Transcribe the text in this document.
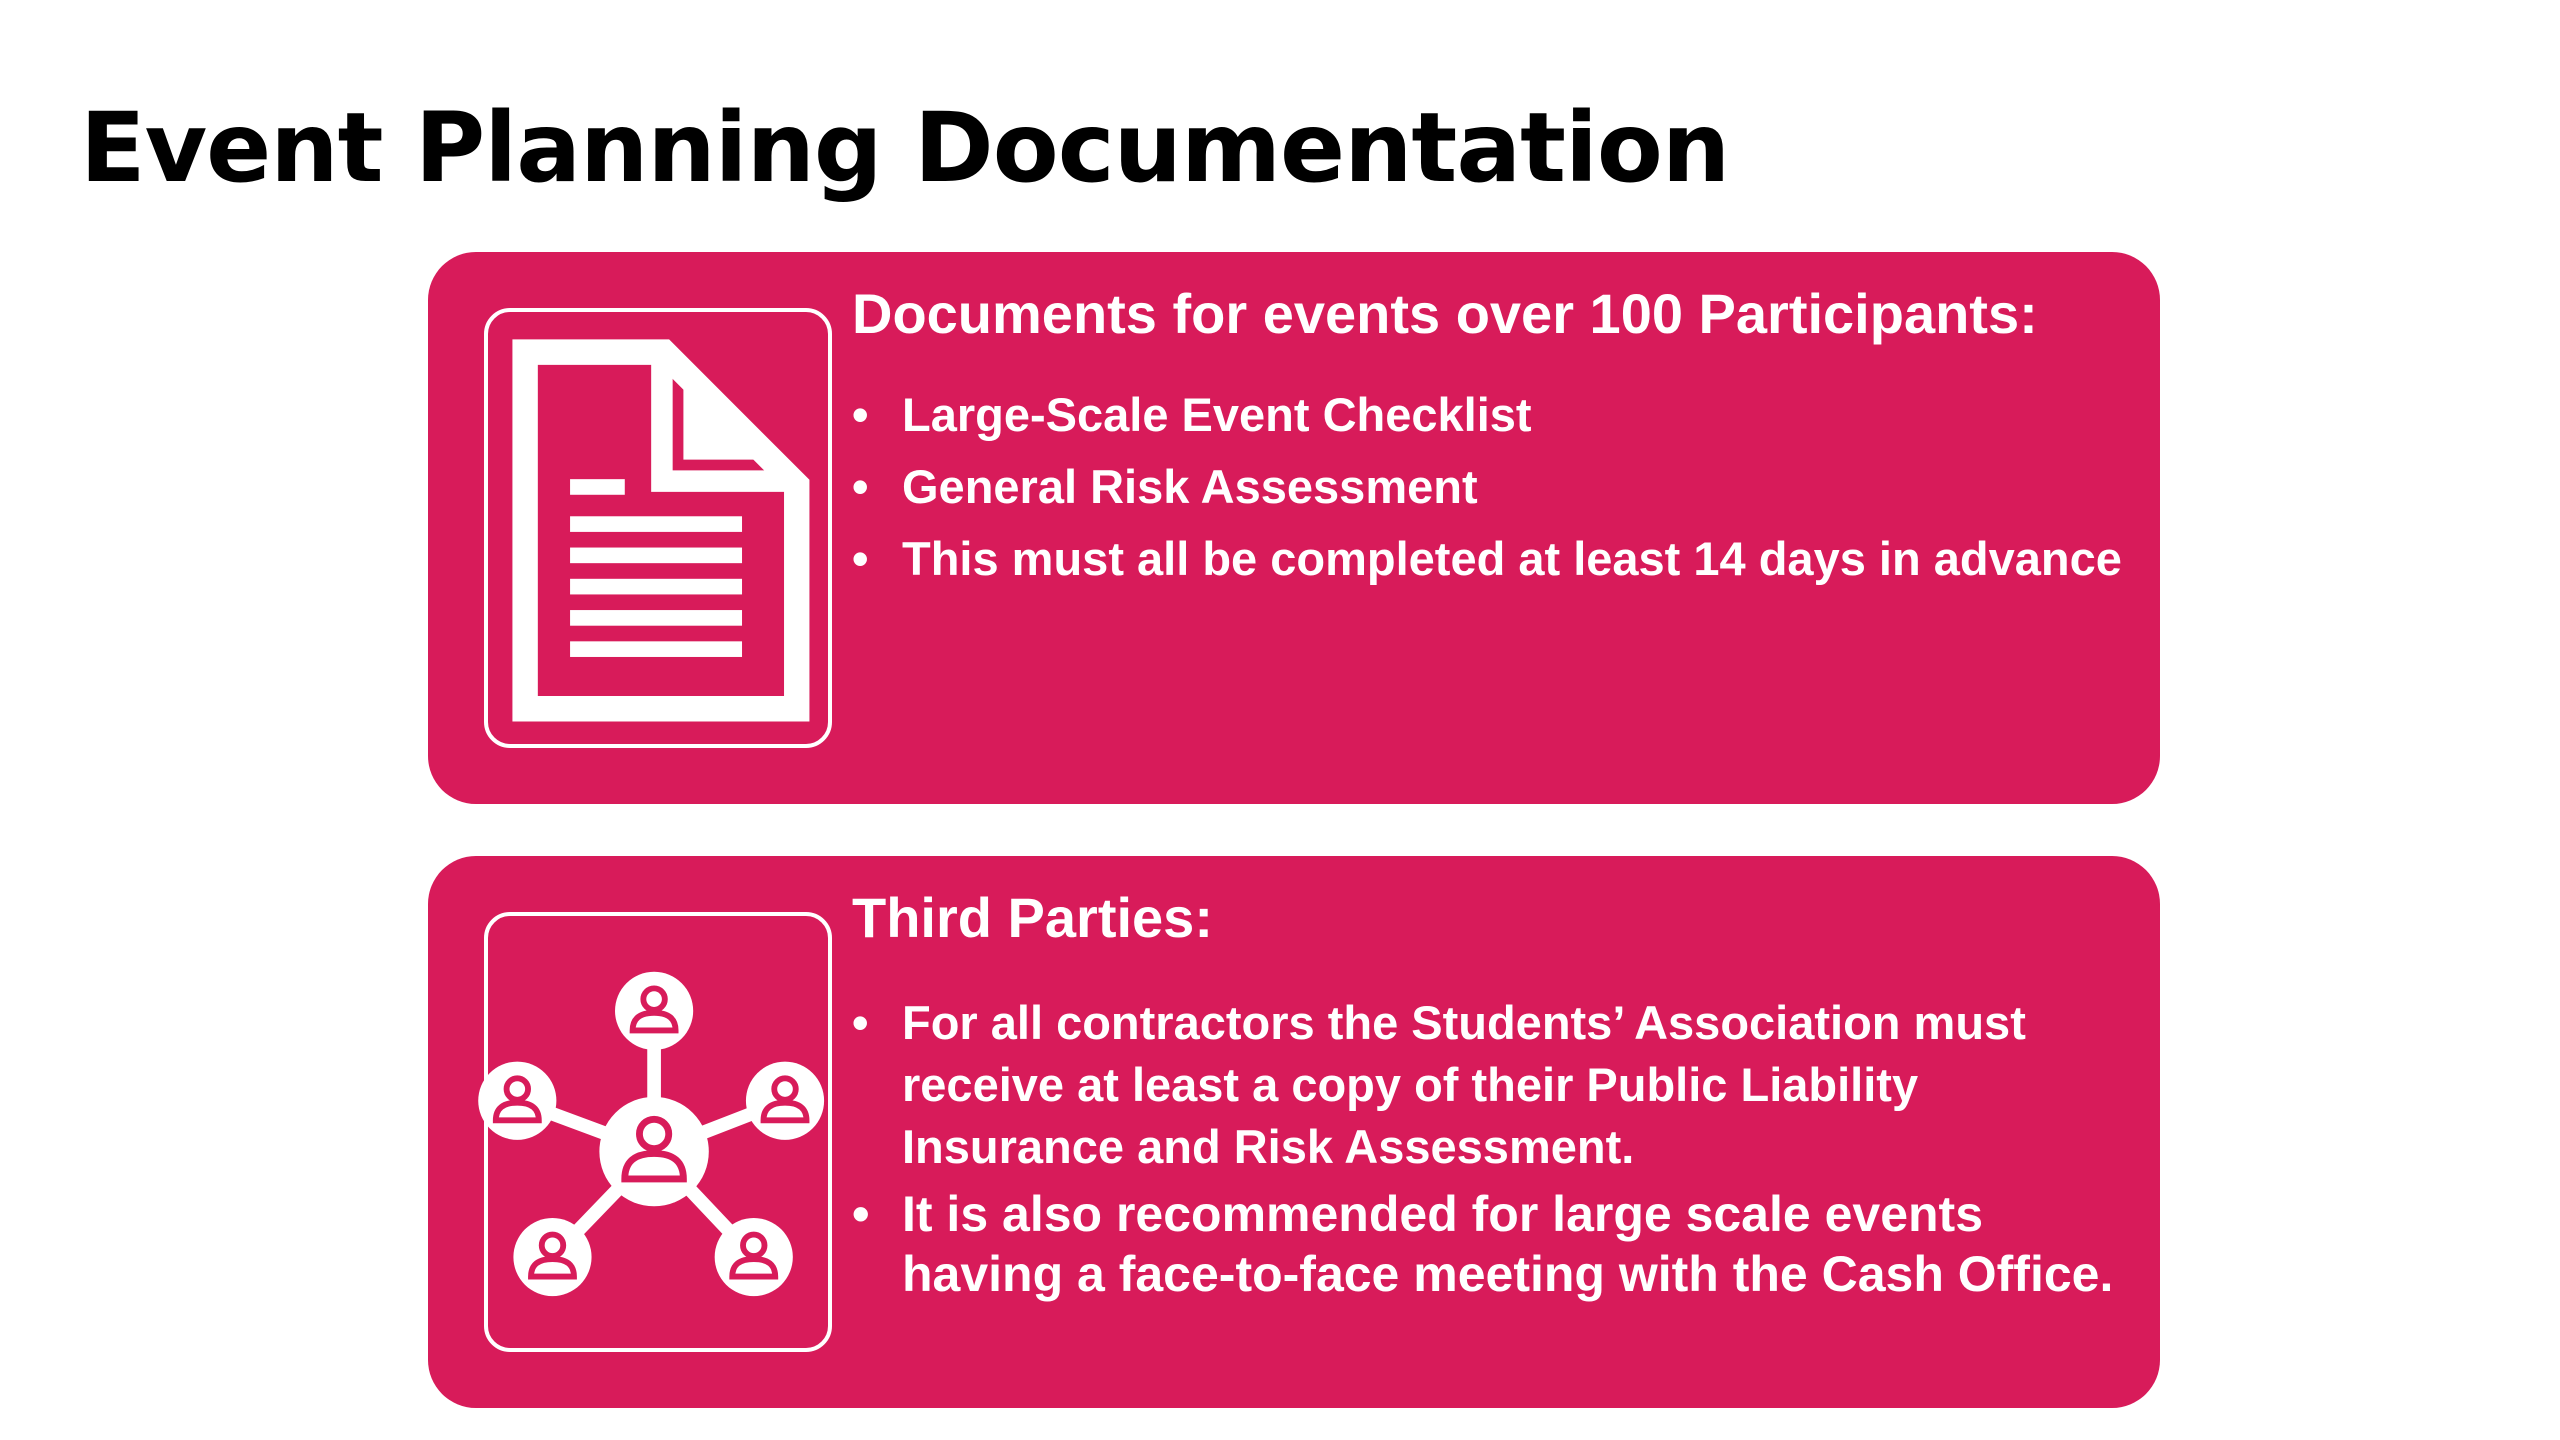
Event Planning Documentation
Documents for events over 100 Participants:
• Large-Scale Event Checklist
• General Risk Assessment
• This must all be completed at least 14 days in advance
Third Parties:
• For all contractors the Students’ Association must receive at least a copy of their Public Liability Insurance and Risk Assessment.
• It is also recommended for large scale events having a face-to-face meeting with the Cash Office.
